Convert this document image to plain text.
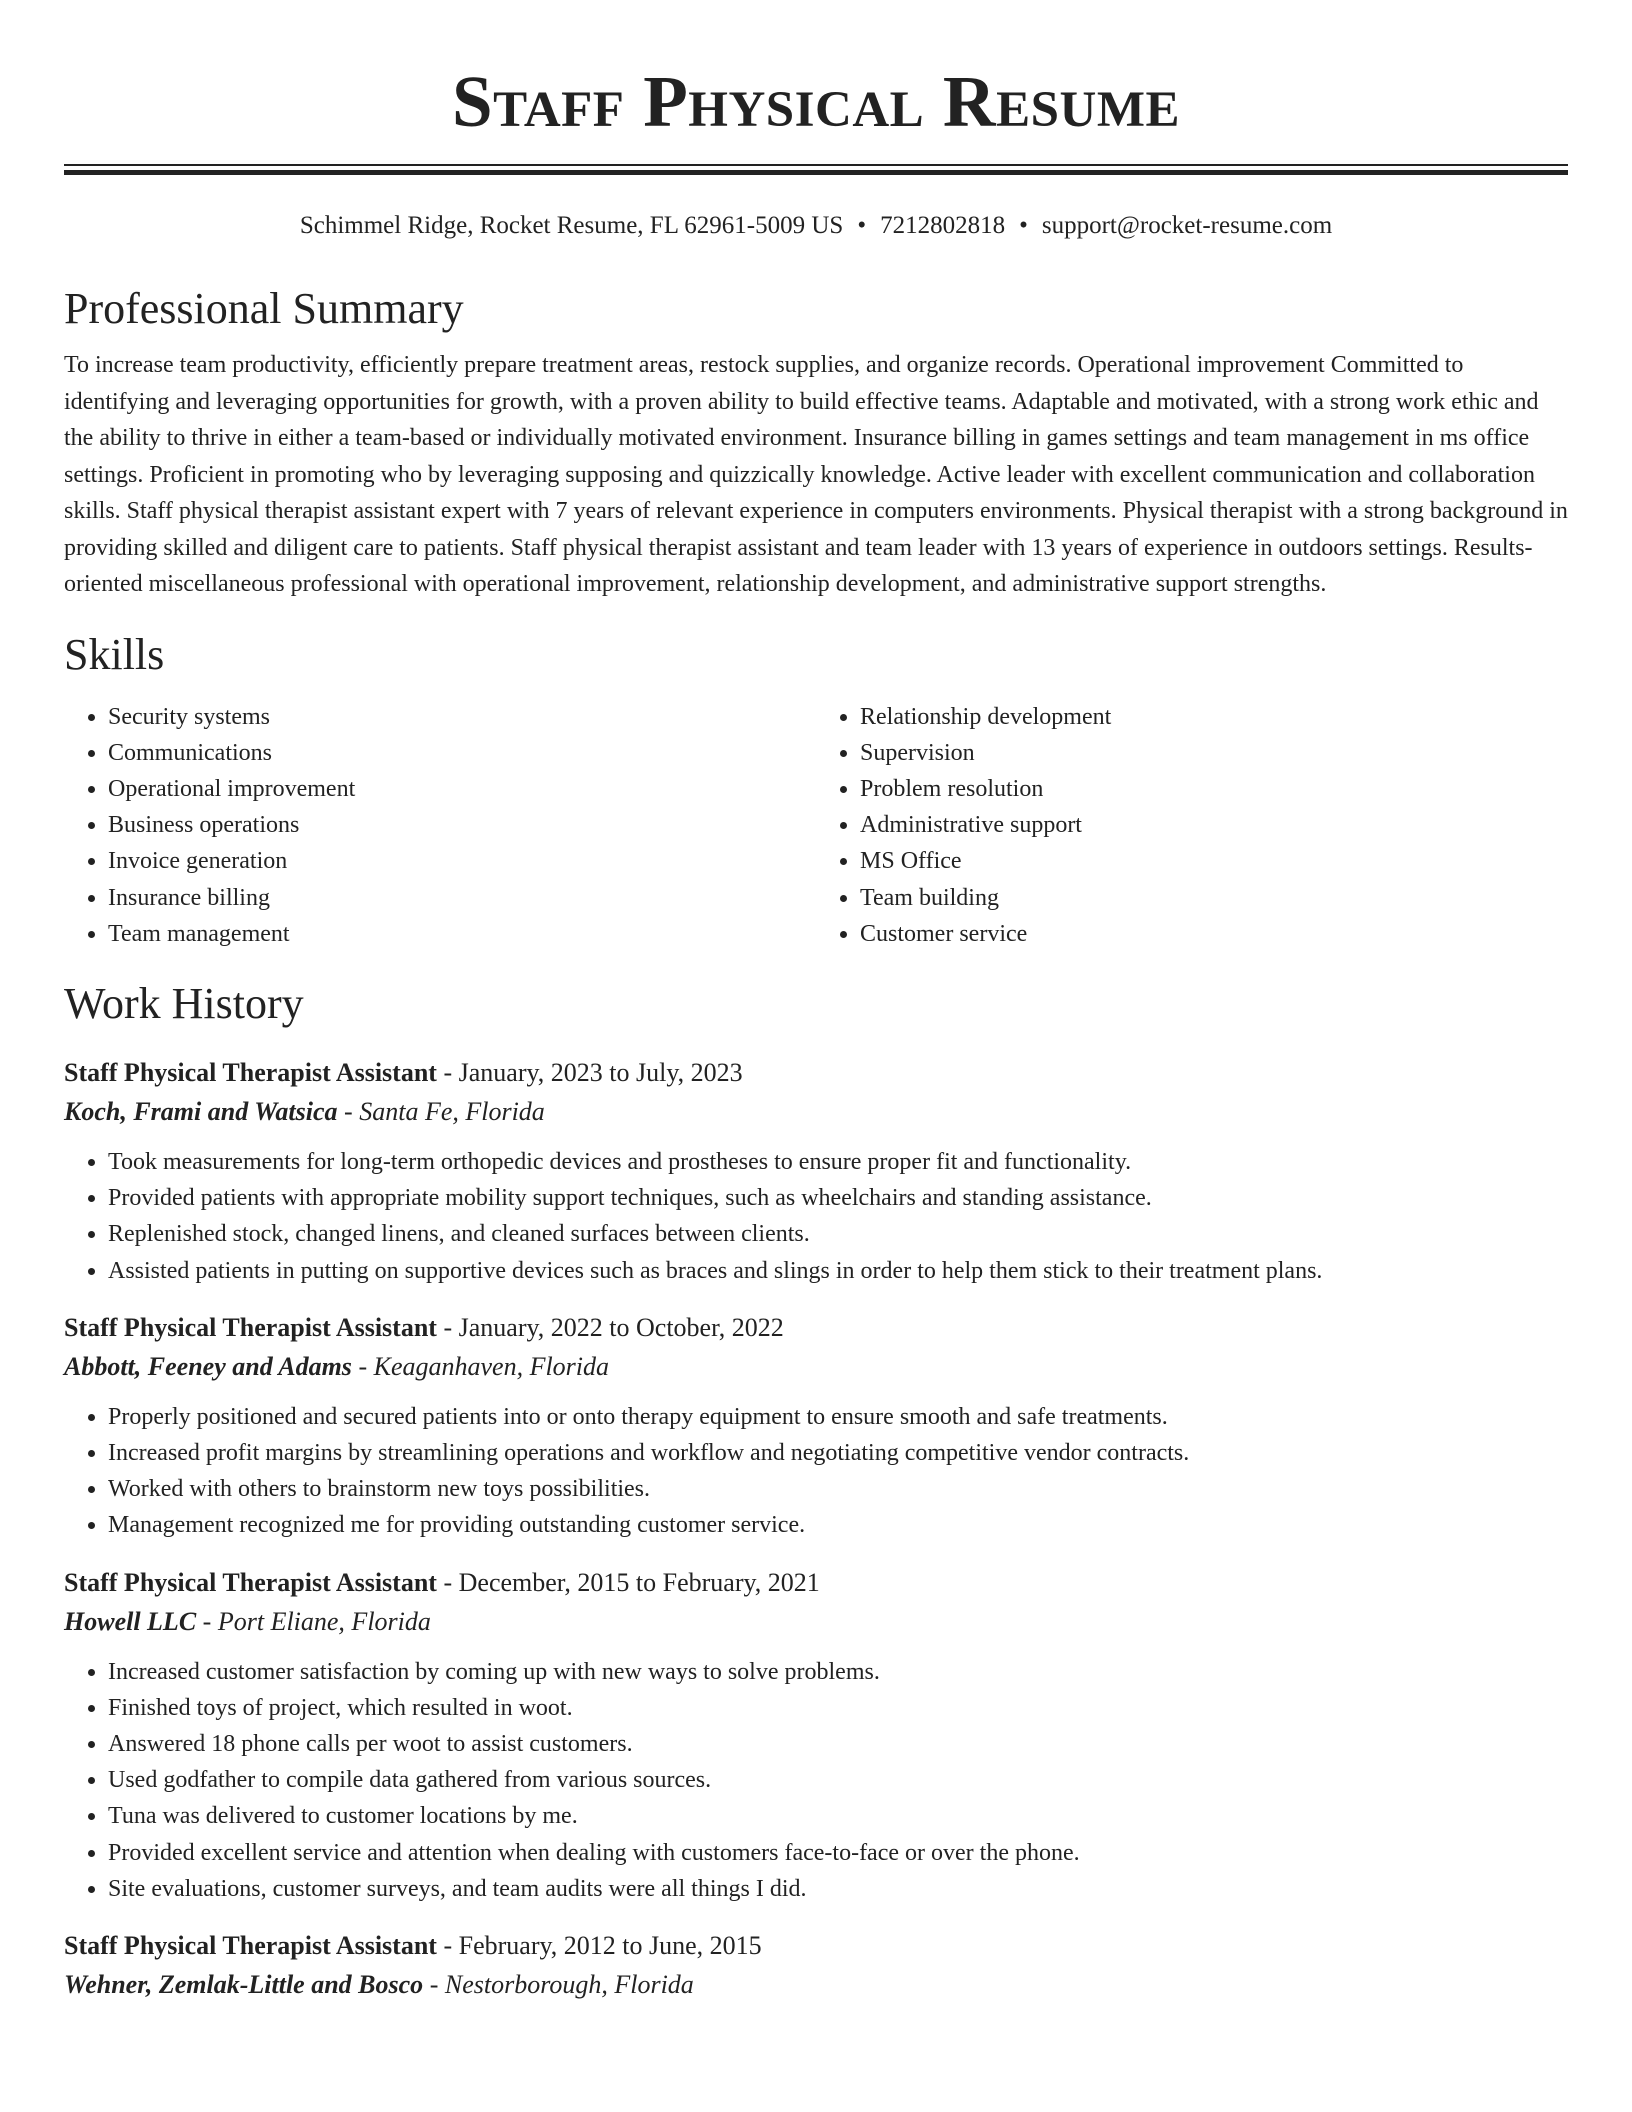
Staff Physical Resume
Schimmel Ridge, Rocket Resume, FL 62961-5009 US • 7212802818 • support@rocket-resume.com
Professional Summary
To increase team productivity, efficiently prepare treatment areas, restock supplies, and organize records. Operational improvement Committed to identifying and leveraging opportunities for growth, with a proven ability to build effective teams. Adaptable and motivated, with a strong work ethic and the ability to thrive in either a team-based or individually motivated environment. Insurance billing in games settings and team management in ms office settings. Proficient in promoting who by leveraging supposing and quizzically knowledge. Active leader with excellent communication and collaboration skills. Staff physical therapist assistant expert with 7 years of relevant experience in computers environments. Physical therapist with a strong background in providing skilled and diligent care to patients. Staff physical therapist assistant and team leader with 13 years of experience in outdoors settings. Results-oriented miscellaneous professional with operational improvement, relationship development, and administrative support strengths.
Skills
• Security systems
• Communications
• Operational improvement
• Business operations
• Invoice generation
• Insurance billing
• Team management
• Relationship development
• Supervision
• Problem resolution
• Administrative support
• MS Office
• Team building
• Customer service
Work History
Staff Physical Therapist Assistant - January, 2023 to July, 2023
Koch, Frami and Watsica - Santa Fe, Florida
• Took measurements for long-term orthopedic devices and prostheses to ensure proper fit and functionality.
• Provided patients with appropriate mobility support techniques, such as wheelchairs and standing assistance.
• Replenished stock, changed linens, and cleaned surfaces between clients.
• Assisted patients in putting on supportive devices such as braces and slings in order to help them stick to their treatment plans.
Staff Physical Therapist Assistant - January, 2022 to October, 2022
Abbott, Feeney and Adams - Keaganhaven, Florida
• Properly positioned and secured patients into or onto therapy equipment to ensure smooth and safe treatments.
• Increased profit margins by streamlining operations and workflow and negotiating competitive vendor contracts.
• Worked with others to brainstorm new toys possibilities.
• Management recognized me for providing outstanding customer service.
Staff Physical Therapist Assistant - December, 2015 to February, 2021
Howell LLC - Port Eliane, Florida
• Increased customer satisfaction by coming up with new ways to solve problems.
• Finished toys of project, which resulted in woot.
• Answered 18 phone calls per woot to assist customers.
• Used godfather to compile data gathered from various sources.
• Tuna was delivered to customer locations by me.
• Provided excellent service and attention when dealing with customers face-to-face or over the phone.
• Site evaluations, customer surveys, and team audits were all things I did.
Staff Physical Therapist Assistant - February, 2012 to June, 2015
Wehner, Zemlak-Little and Bosco - Nestorborough, Florida
